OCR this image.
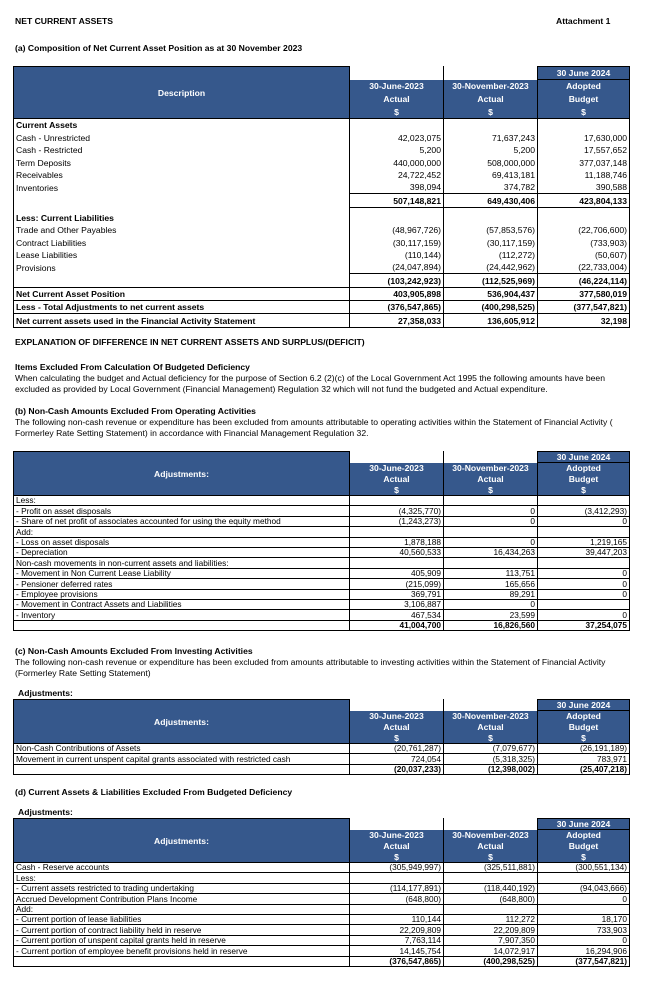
NET CURRENT ASSETS	Attachment 1
(a) Composition of Net Current Asset Position as at 30 November 2023
Description			30 June 2024
	30-June-2023	30-November-2023	Adopted
	Actual	Actual	Budget
	$	$	$
Current Assets			
Cash - Unrestricted	42,023,075	71,637,243	17,630,000
Cash - Restricted	5,200	5,200	17,557,652
Term Deposits	440,000,000	508,000,000	377,037,148
Receivables	24,722,452	69,413,181	11,188,746
Inventories	398,094	374,782	390,588
	507,148,821	649,430,406	423,804,133
Less: Current Liabilities			
Trade and Other Payables	(48,967,726)	(57,853,576)	(22,706,600)
Contract Liabilities	(30,117,159)	(30,117,159)	(733,903)
Lease Liabilities	(110,144)	(112,272)	(50,607)
Provisions	(24,047,894)	(24,442,962)	(22,733,004)
	(103,242,923)	(112,525,969)	(46,224,114)
Net Current Asset Position	403,905,898	536,904,437	377,580,019
Less - Total Adjustments to net current assets	(376,547,865)	(400,298,525)	(377,547,821)
Net current assets used in the Financial Activity Statement	27,358,033	136,605,912	32,198
EXPLANATION OF DIFFERENCE IN NET CURRENT ASSETS AND SURPLUS/(DEFICIT)
Items Excluded From Calculation Of Budgeted Deficiency
When calculating the budget and Actual deficiency for the purpose of Section 6.2 (2)(c) of the Local Government Act 1995 the following amounts have been excluded as provided by Local Government (Financial Management) Regulation 32 which will not fund the budgeted and Actual expenditure.
(b) Non-Cash Amounts Excluded From Operating Activities
The following non-cash revenue or expenditure has been excluded from amounts attributable to operating activities within the Statement of Financial Activity ( Formerley Rate Setting Statement) in accordance with Financial Management Regulation 32.
Adjustments:			30 June 2024
	30-June-2023	30-November-2023	Adopted
	Actual	Actual	Budget
	$	$	$
Less:			
- Profit on asset disposals	(4,325,770)	0	(3,412,293)
- Share of net profit of associates accounted for using the equity method	(1,243,273)	0	0
Add:			
- Loss on asset disposals	1,878,188	0	1,219,165
- Depreciation	40,560,533	16,434,263	39,447,203
Non-cash movements in non-current assets and liabilities:			
- Movement in Non Current Lease Liability	405,909	113,751	0
- Pensioner deferred rates	(215,099)	165,656	0
- Employee provisions	369,791	89,291	0
- Movement in Contract Assets and Liabilities	3,106,887	0	
- Inventory	467,534	23,599	0
	41,004,700	16,826,560	37,254,075
(c) Non-Cash Amounts Excluded From Investing Activities
The following non-cash revenue or expenditure has been excluded from amounts attributable to investing activities within the Statement of Financial Activity (Formerley Rate Setting Statement)
Adjustments:
Adjustments:			30 June 2024
	30-June-2023	30-November-2023	Adopted
	Actual	Actual	Budget
	$	$	$
Non-Cash Contributions of Assets	(20,761,287)	(7,079,677)	(26,191,189)
Movement in current unspent capital grants associated with restricted cash	724,054	(5,318,325)	783,971
	(20,037,233)	(12,398,002)	(25,407,218)
(d) Current Assets & Liabilities Excluded From Budgeted Deficiency
Adjustments:
Adjustments:			30 June 2024
	30-June-2023	30-November-2023	Adopted
	Actual	Actual	Budget
	$	$	$
Cash - Reserve accounts	(305,949,997)	(325,511,881)	(300,551,134)
Less:			
- Current assets restricted to trading undertaking	(114,177,891)	(118,440,192)	(94,043,666)
Accrued Development Contribution Plans Income	(648,800)	(648,800)	0
Add:			
- Current portion of lease liabilities	110,144	112,272	18,170
- Current portion of contract liability held in reserve	22,209,809	22,209,809	733,903
- Current portion of unspent capital grants held in reserve	7,763,114	7,907,350	0
- Current portion of employee benefit provisions held in reserve	14,145,754	14,072,917	16,294,906
	(376,547,865)	(400,298,525)	(377,547,821)
